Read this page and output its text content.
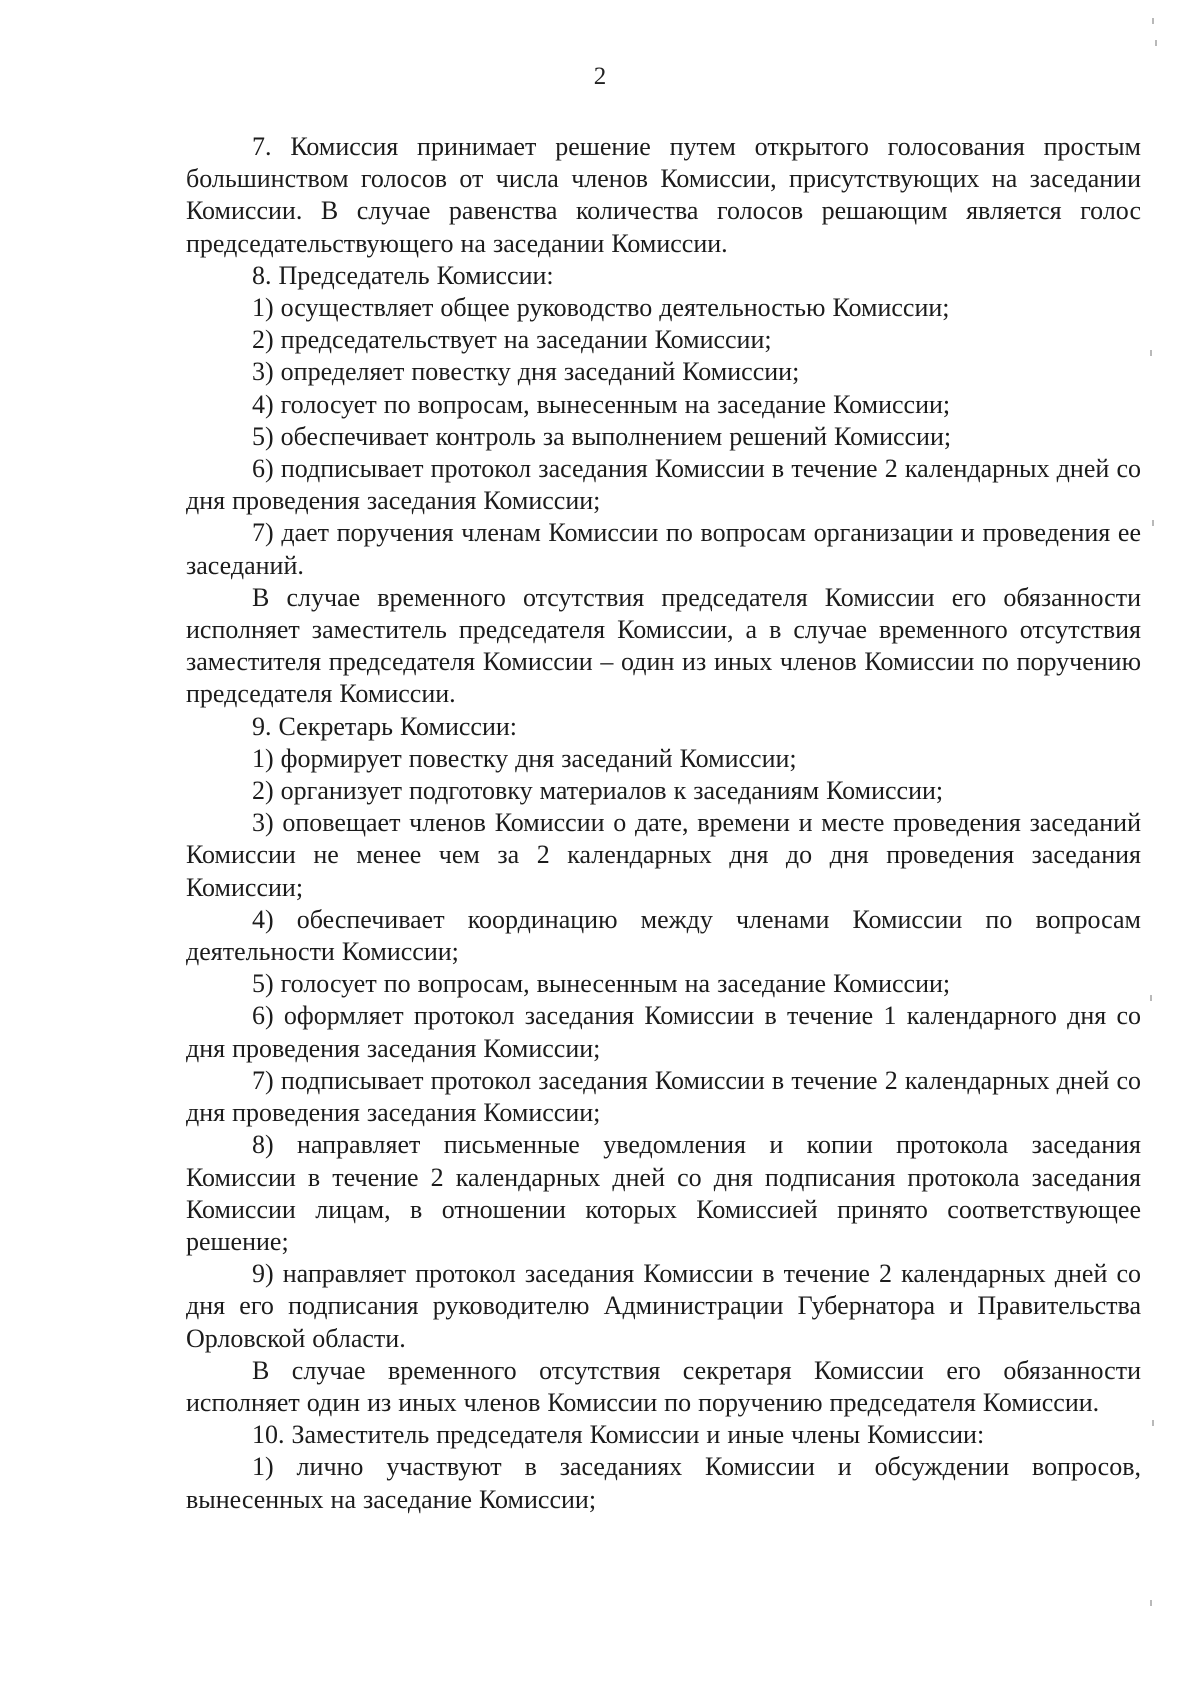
2

7. Комиссия принимает решение путем открытого голосования простым большинством голосов от числа членов Комиссии, присутствующих на заседании Комиссии. В случае равенства количества голосов решающим является голос председательствующего на заседании Комиссии.

8. Председатель Комиссии:

1) осуществляет общее руководство деятельностью Комиссии;

2) председательствует на заседании Комиссии;

3) определяет повестку дня заседаний Комиссии;

4) голосует по вопросам, вынесенным на заседание Комиссии;

5) обеспечивает контроль за выполнением решений Комиссии;

6) подписывает протокол заседания Комиссии в течение 2 календарных дней со дня проведения заседания Комиссии;

7) дает поручения членам Комиссии по вопросам организации и проведения ее заседаний.

В случае временного отсутствия председателя Комиссии его обязанности исполняет заместитель председателя Комиссии, а в случае временного отсутствия заместителя председателя Комиссии – один из иных членов Комиссии по поручению председателя Комиссии.

9. Секретарь Комиссии:

1) формирует повестку дня заседаний Комиссии;

2) организует подготовку материалов к заседаниям Комиссии;

3) оповещает членов Комиссии о дате, времени и месте проведения заседаний Комиссии не менее чем за 2 календарных дня до дня проведения заседания Комиссии;

4) обеспечивает координацию между членами Комиссии по вопросам деятельности Комиссии;

5) голосует по вопросам, вынесенным на заседание Комиссии;

6) оформляет протокол заседания Комиссии в течение 1 календарного дня со дня проведения заседания Комиссии;

7) подписывает протокол заседания Комиссии в течение 2 календарных дней со дня проведения заседания Комиссии;

8) направляет письменные уведомления и копии протокола заседания Комиссии в течение 2 календарных дней со дня подписания протокола заседания Комиссии лицам, в отношении которых Комиссией принято соответствующее решение;

9) направляет протокол заседания Комиссии в течение 2 календарных дней со дня его подписания руководителю Администрации Губернатора и Правительства Орловской области.

В случае временного отсутствия секретаря Комиссии его обязанности исполняет один из иных членов Комиссии по поручению председателя Комиссии.

10. Заместитель председателя Комиссии и иные члены Комиссии:

1) лично участвуют в заседаниях Комиссии и обсуждении вопросов, вынесенных на заседание Комиссии;
